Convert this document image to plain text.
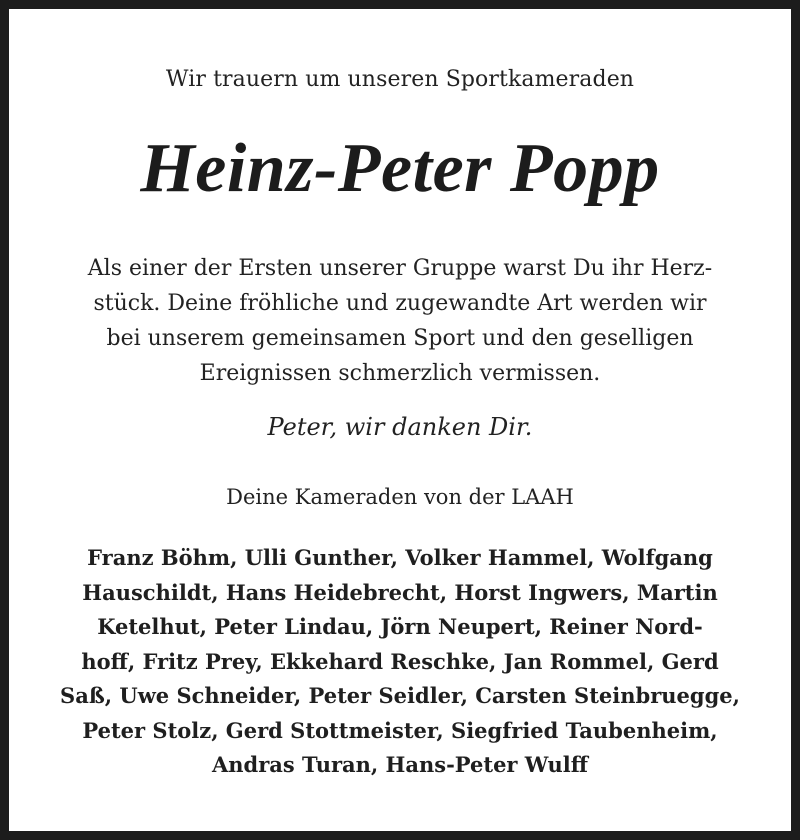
Wir trauern um unseren Sportkameraden
Heinz-Peter Popp
Als einer der Ersten unserer Gruppe warst Du ihr Herz-
stück. Deine fröhliche und zugewandte Art werden wir
bei unserem gemeinsamen Sport und den geselligen
Ereignissen schmerzlich vermissen.
Peter, wir danken Dir.
Deine Kameraden von der LAAH
Franz Böhm, Ulli Gunther, Volker Hammel, Wolfgang
Hauschildt, Hans Heidebrecht, Horst Ingwers, Martin
Ketelhut, Peter Lindau, Jörn Neupert, Reiner Nord-
hoff, Fritz Prey, Ekkehard Reschke, Jan Rommel, Gerd
Saß, Uwe Schneider, Peter Seidler, Carsten Steinbruegge,
Peter Stolz, Gerd Stottmeister, Siegfried Taubenheim,
Andras Turan, Hans-Peter Wulff
